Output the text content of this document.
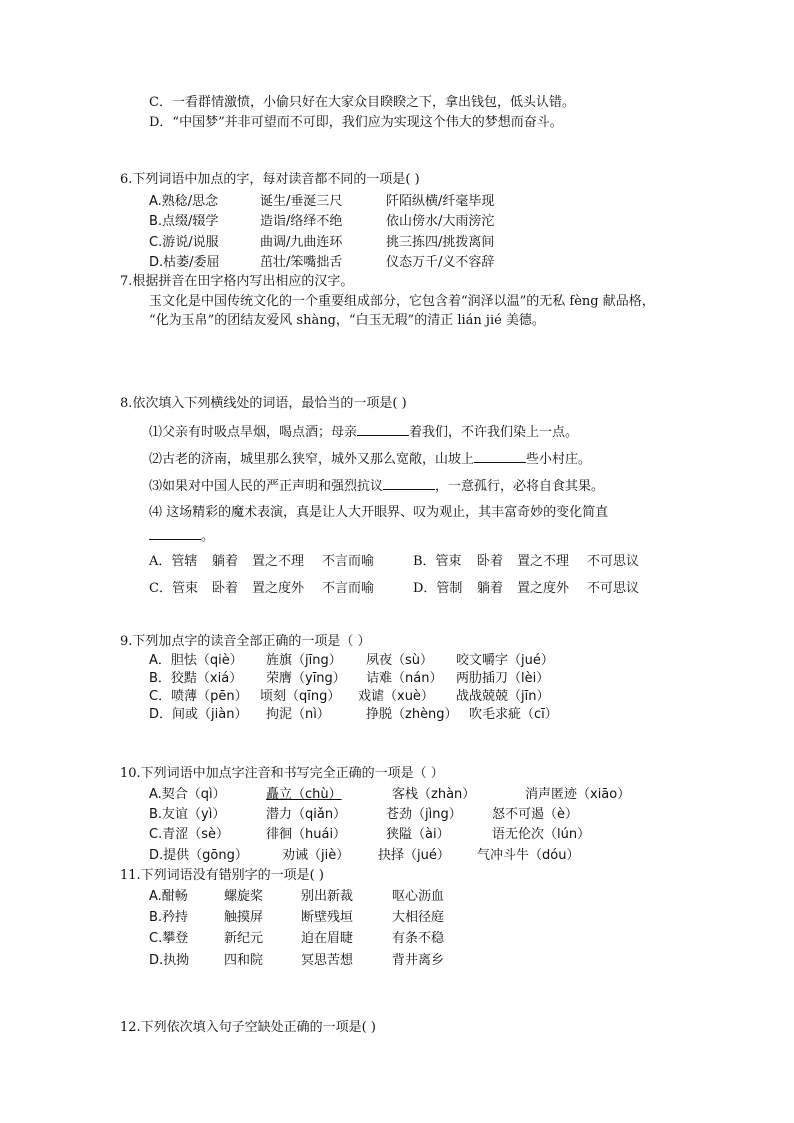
C．一看群情激愤，小偷只好在大家众目睽睽之下，拿出钱包，低头认错。
D．“中国梦”并非可望而不可即，我们应为实现这个伟大的梦想而奋斗。
6.下列词语中加点的字，每对读音都不同的一项是( )
A.熟稔/思念	诞生/垂涎三尺	阡陌纵横/纤毫毕现
B.点缀/辍学	造诣/络绎不绝	依山傍水/大雨滂沱
C.游说/说服	曲调/九曲连环	挑三拣四/挑拨离间
D.枯萎/委屈	茁壮/笨嘴拙舌	仪态万千/义不容辞
7.根据拼音在田字格内写出相应的汉字。
玉文化是中国传统文化的一个重要组成部分，它包含着“润泽以温”的无私 fèng 献品格，
“化为玉帛”的团结友爱风 shàng，“白玉无瑕”的清正 lián jié 美德。
8.依次填入下列横线处的词语，最恰当的一项是( )
⑴父亲有时吸点旱烟，喝点酒；母亲	着我们，不许我们染上一点。
⑵古老的济南，城里那么狭窄，城外又那么宽敞，山坡上	些小村庄。
⑶如果对中国人民的严正声明和强烈抗议	，一意孤行，必将自食其果。
⑷ 这场精彩的魔术表演，真是让人大开眼界、叹为观止，其丰富奇妙的变化简直
。
A．管辖 躺着 置之不理 不言而喻	B．管束 卧着 置之不理 不可思议
C．管束 卧着 置之度外 不言而喻	D．管制 躺着 置之度外 不可思议
9.下列加点字的读音全部正确的一项是（ ）
A．胆怯（qiè） 旌旗（jīng） 夙夜（sù） 咬文嚼字（jué）
B．狡黠（xiá） 荣膺（yīng） 诘难（nán） 两肋插刀（lèi）
C．喷薄（pēn） 顷刻（qīng） 戏谑（xuè） 战战兢兢（jīn）
D．间或（jiàn） 拘泥（nì）	挣脱（zhèng） 吹毛求疵（cī）
10.下列词语中加点字注音和书写完全正确的一项是（ ）
A.契合（qì）	矗立（chù）	客栈（zhàn）	消声匿迹（xiāo）
B.友谊（yì）	潜力（qiǎn）	苍劲（jìng） 怒不可遏（è）
C.青涩（sè）	徘徊（huái）	狭隘（ài）	语无伦次（lún）
D.提供（gōng）	劝诫（jiè） 抉择（jué） 气冲斗牛（dóu）
11.下列词语没有错别字的一项是( )
A.酣畅	螺旋桨	别出新裁	呕心沥血
B.矜持	触摸屏	断壁残垣	大相径庭
C.攀登	新纪元	迫在眉睫	有条不稳
D.执拗	四和院	冥思苦想	背井离乡
12.下列依次填入句子空缺处正确的一项是( )
